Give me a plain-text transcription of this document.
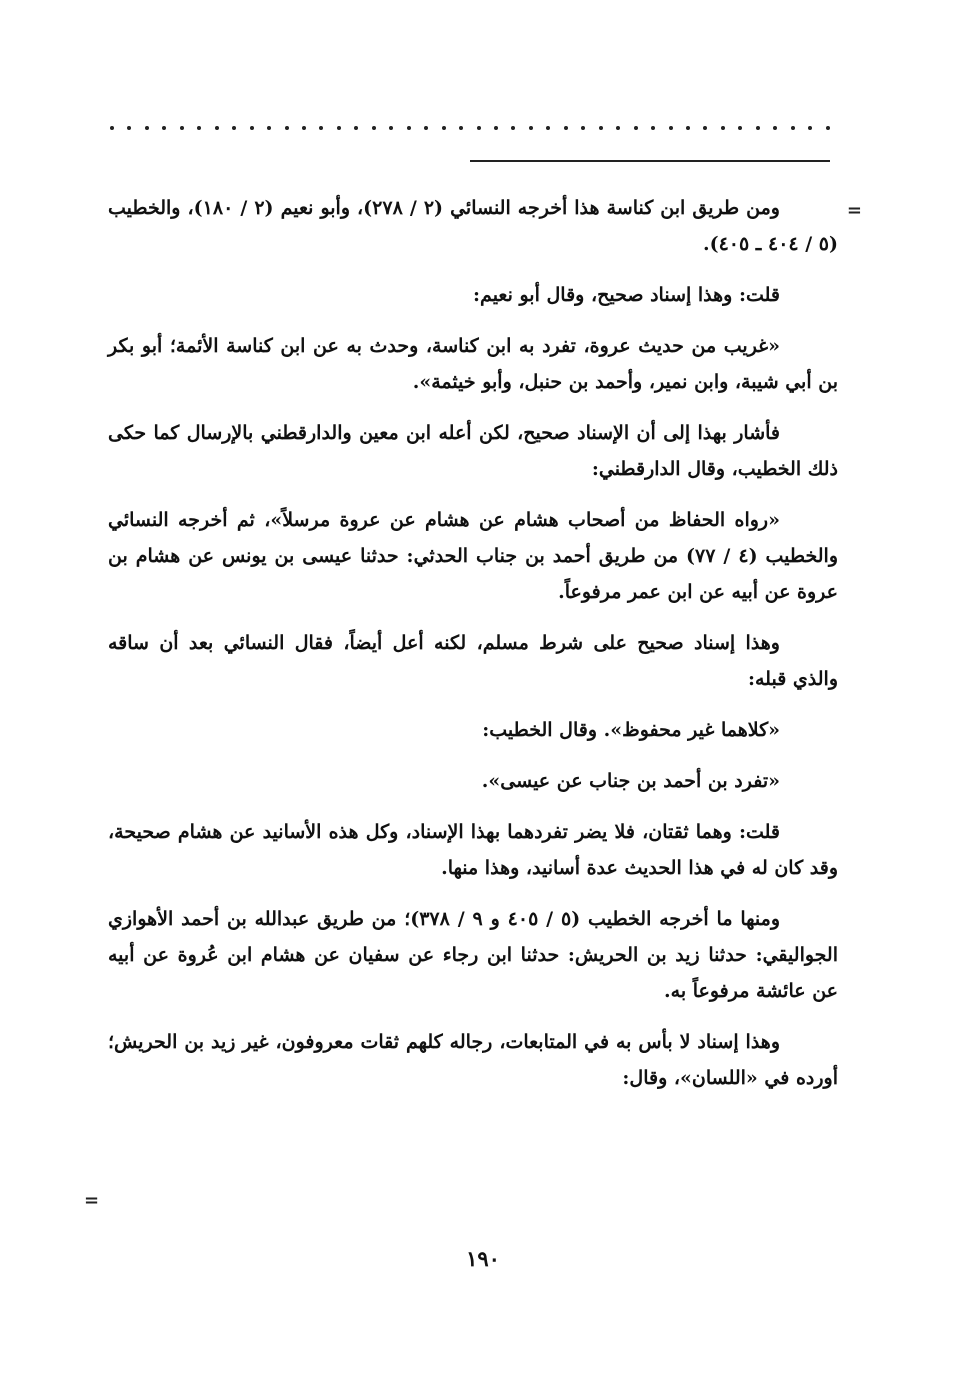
=

ومن طريق ابن كناسة هذا أخرجه النسائي (٢ / ٢٧٨)، وأبو نعيم (٢ / ١٨٠)، والخطيب (٥ / ٤٠٤ ـ ٤٠٥).

قلت: وهذا إسناد صحيح، وقال أبو نعيم:

«غريب من حديث عروة، تفرد به ابن كناسة، وحدث به عن ابن كناسة الأئمة؛ أبو بكر بن أبي شيبة، وابن نمير، وأحمد بن حنبل، وأبو خيثمة».

فأشار بهذا إلى أن الإسناد صحيح، لكن أعله ابن معين والدارقطني بالإرسال كما حكى ذلك الخطيب، وقال الدارقطني:

«رواه الحفاظ من أصحاب هشام عن هشام عن عروة مرسلاً»، ثم أخرجه النسائي والخطيب (٤ / ٧٧) من طريق أحمد بن جناب الحدثي: حدثنا عيسى بن يونس عن هشام بن عروة عن أبيه عن ابن عمر مرفوعاً.

وهذا إسناد صحيح على شرط مسلم، لكنه أعل أيضاً، فقال النسائي بعد أن ساقه والذي قبله:

«كلاهما غير محفوظ». وقال الخطيب:

«تفرد بن أحمد بن جناب عن عيسى».

قلت: وهما ثقتان، فلا يضر تفردهما بهذا الإسناد، وكل هذه الأسانيد عن هشام صحيحة، وقد كان له في هذا الحديث عدة أسانيد، وهذا منها.

ومنها ما أخرجه الخطيب (٥ / ٤٠٥ و ٩ / ٣٧٨)؛ من طريق عبدالله بن أحمد الأهوازي الجواليقي: حدثنا زيد بن الحريش: حدثنا ابن رجاء عن سفيان عن هشام ابن عُروة عن أبيه عن عائشة مرفوعاً به.

وهذا إسناد لا بأس به في المتابعات، رجاله كلهم ثقات معروفون، غير زيد بن الحريش؛ أورده في «اللسان»، وقال:

=
١٩٠
